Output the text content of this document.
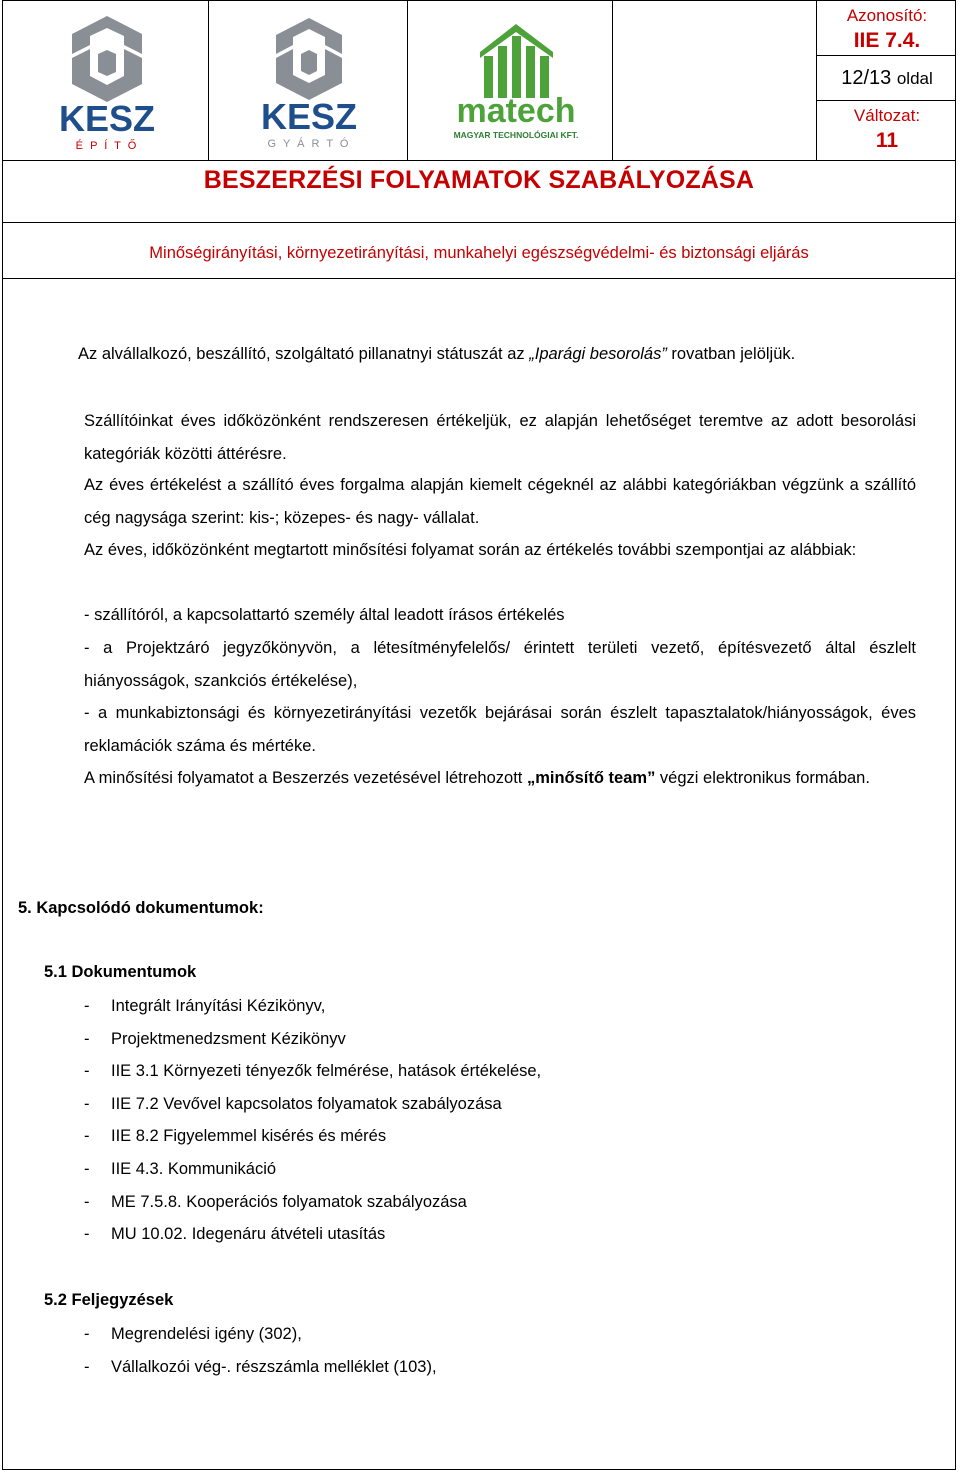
KESZ
É P Í T Ő
KESZ
G Y Á R T Ó
matech
MAGYAR TECHNOLÓGIAI KFT.
Azonosító:
IIE 7.4.
12/13 oldal
Változat:
11
BESZERZÉSI FOLYAMATOK SZABÁLYOZÁSA
Minőségirányítási, környezetirányítási, munkahelyi egészségvédelmi- és biztonsági eljárás
Az alvállalkozó, beszállító, szolgáltató pillanatnyi státuszát az „Iparági besorolás” rovatban jelöljük.
Szállítóinkat éves időközönként rendszeresen értékeljük, ez alapján lehetőséget teremtve az adott besorolási kategóriák közötti áttérésre.
Az éves értékelést a szállító éves forgalma alapján kiemelt cégeknél az alábbi kategóriákban végzünk a szállító cég nagysága szerint: kis-; közepes- és nagy- vállalat.
Az éves, időközönként megtartott minősítési folyamat során az értékelés további szempontjai az alábbiak:
- szállítóról, a kapcsolattartó személy által leadott írásos értékelés
- a Projektzáró jegyzőkönyvön, a létesítményfelelős/ érintett területi vezető, építésvezető által észlelt hiányosságok, szankciós értékelése),
- a munkabiztonsági és környezetirányítási vezetők bejárásai során észlelt tapasztalatok/hiányosságok, éves reklamációk száma és mértéke.
A minősítési folyamatot a Beszerzés vezetésével létrehozott „minősítő team” végzi elektronikus formában.
5. Kapcsolódó dokumentumok:
5.1 Dokumentumok
- Integrált Irányítási Kézikönyv,
- Projektmenedzsment Kézikönyv
- IIE 3.1 Környezeti tényezők felmérése, hatások értékelése,
- IIE 7.2 Vevővel kapcsolatos folyamatok szabályozása
- IIE 8.2 Figyelemmel kisérés és mérés
- IIE 4.3. Kommunikáció
- ME 7.5.8. Kooperációs folyamatok szabályozása
- MU 10.02. Idegenáru átvételi utasítás
5.2 Feljegyzések
- Megrendelési igény (302),
- Vállalkozói vég-. részszámla melléklet (103),
